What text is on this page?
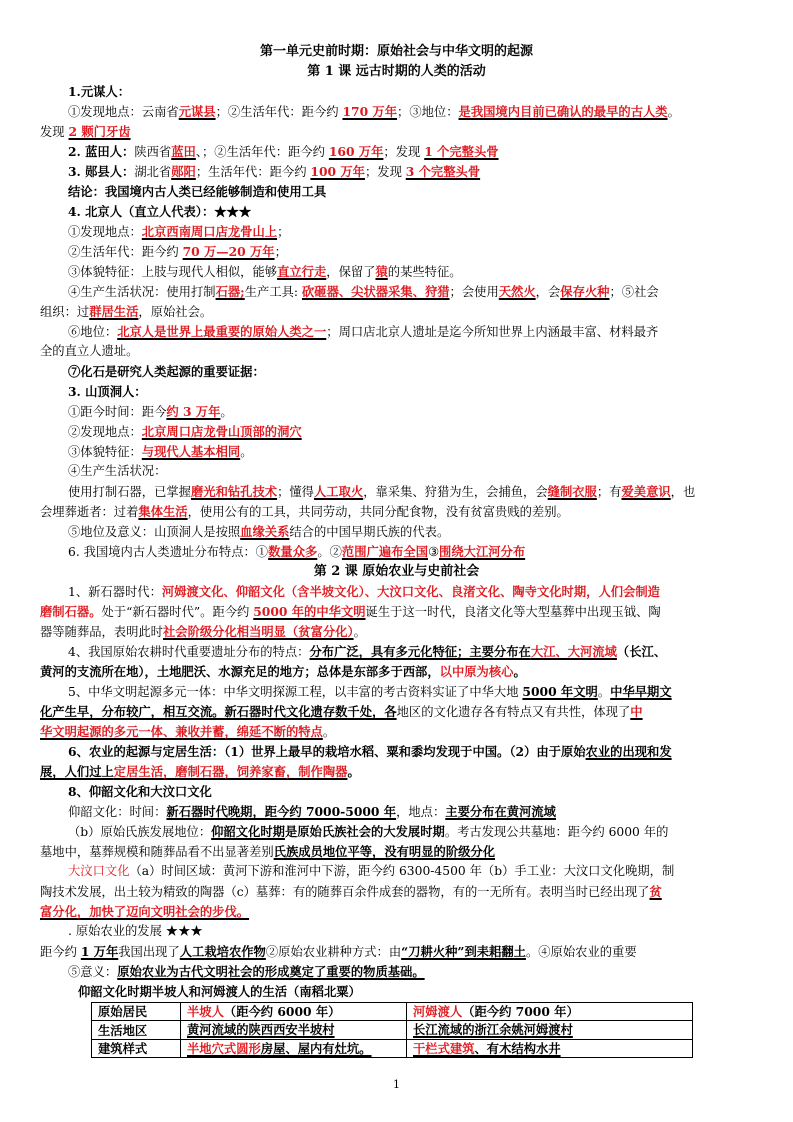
第一单元史前时期：原始社会与中华文明的起源
第 1 课 远古时期的人类的活动
1.元谋人：
①发现地点：云南省元谋县；②生活年代：距今约 170 万年；③地位：是我国境内目前已确认的最早的古人类。
发现 2 颗门牙齿
2. 蓝田人：陕西省蓝田、；②生活年代：距今约 160 万年；发现 1 个完整头骨
3. 郧县人：湖北省郧阳；生活年代：距今约 100 万年；发现 3 个完整头骨
结论：我国境内古人类已经能够制造和使用工具
4. 北京人（直立人代表）：★★★
①发现地点：北京西南周口店龙骨山上；
②生活年代：距今约 70 万—20 万年；
③体貌特征：上肢与现代人相似，能够直立行走，保留了猿的某些特征。
④生产生活状况：使用打制石器;生产工具: 砍砸器、尖状器采集、狩猎；会使用天然火，会保存火种；⑤社会
组织：过群居生活，原始社会。
⑥地位：北京人是世界上最重要的原始人类之一；周口店北京人遗址是迄今所知世界上内涵最丰富、材料最齐
全的直立人遗址。
⑦化石是研究人类起源的重要证据：
3. 山顶洞人：
①距今时间：距今约 3 万年。
②发现地点：北京周口店龙骨山顶部的洞穴
③体貌特征：与现代人基本相同。
④生产生活状况：
使用打制石器，已掌握磨光和钻孔技术；懂得人工取火，靠采集、狩猎为生，会捕鱼，会缝制衣服；有爱美意识，也
会埋葬逝者：过着集体生活，使用公有的工具，共同劳动，共同分配食物，没有贫富贵贱的差别。
⑤地位及意义：山顶洞人是按照血缘关系结合的中国早期氏族的代表。
6. 我国境内古人类遗址分布特点：①数量众多。②范围广遍布全国③围绕大江河分布
第 2 课 原始农业与史前社会
1、新石器时代：河姆渡文化、仰韶文化（含半坡文化）、大汶口文化、良渚文化、陶寺文化时期，人们会制造
磨制石器。处于“新石器时代”。距今约 5000 年的中华文明诞生于这一时代，良渚文化等大型墓葬中出现玉钺、陶
器等随葬品，表明此时社会阶级分化相当明显（贫富分化）。
4、我国原始农耕时代重要遗址分布的特点：分布广泛，具有多元化特征；主要分布在大江、大河流域（长江、
黄河的支流所在地），土地肥沃、水源充足的地方；总体是东部多于西部，以中原为核心。
5、中华文明起源多元一体：中华文明探源工程，以丰富的考古资料实证了中华大地 5000 年文明。中华早期文
化产生早，分布较广，相互交流。新石器时代文化遗存数千处，各地区的文化遗存各有特点又有共性，体现了中
华文明起源的多元一体、兼收并蓄，绵延不断的特点。
6、农业的起源与定居生活：（1）世界上最早的栽培水稻、粟和黍均发现于中国。（2）由于原始农业的出现和发
展，人们过上定居生活，磨制石器，饲养家畜，制作陶器。
8、仰韶文化和大汶口文化
仰韶文化：时间：新石器时代晚期，距今约 7000-5000 年，地点：主要分布在黄河流域
（b）原始氏族发展地位：仰韶文化时期是原始氏族社会的大发展时期。考古发现公共墓地：距今约 6000 年的
墓地中，墓葬规模和随葬品看不出显著差别氏族成员地位平等，没有明显的阶级分化
大汶口文化（a）时间区域：黄河下游和淮河中下游，距今约 6300-4500 年（b）手工业：大汶口文化晚期，制
陶技术发展，出土较为精致的陶器（c）墓葬：有的随葬百余件成套的器物，有的一无所有。表明当时已经出现了贫
富分化，加快了迈向文明社会的步伐。
. 原始农业的发展 ★★★
距今约 1 万年我国出现了人工栽培农作物②原始农业耕种方式：由“刀耕火种”到耒耜翻土。④原始农业的重要
⑤意义：原始农业为古代文明社会的形成奠定了重要的物质基础。
仰韶文化时期半坡人和河姆渡人的生活（南稻北粟）
原始居民	半坡人（距今约 6000 年）	河姆渡人（距今约 7000 年）
生活地区	黄河流域的陕西西安半坡村	长江流域的浙江余姚河姆渡村
建筑样式	半地穴式圆形房屋、屋内有灶坑。	干栏式建筑、有木结构水井
1
